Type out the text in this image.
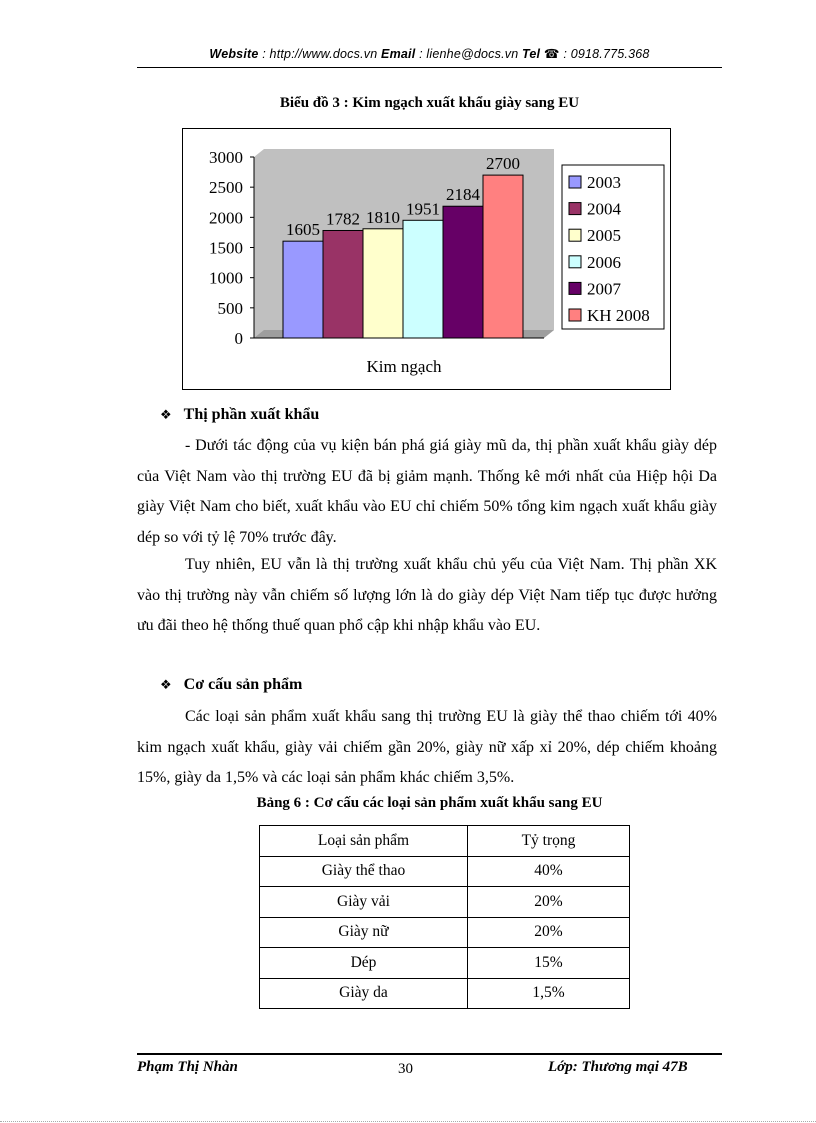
Website : http://www.docs.vn Email : lienhe@docs.vn Tel ☎ : 0918.775.368
Biểu đồ 3 : Kim ngạch xuất khẩu giày sang EU
0
500
1000
1500
2000
2500
3000
1605
1782 1810 1951
2184
2700
Kim ngạch
2003
2004
2005
2006
2007
KH 2008
❖ Thị phần xuất khẩu

- Dưới tác động của vụ kiện bán phá giá giày mũ da, thị phần xuất khẩu giày dép của Việt Nam vào thị trường EU đã bị giảm mạnh. Thống kê mới nhất của Hiệp hội Da giày Việt Nam cho biết, xuất khẩu vào EU chỉ chiếm 50% tổng kim ngạch xuất khẩu giày dép so với tỷ lệ 70% trước đây.

Tuy nhiên, EU vẫn là thị trường xuất khẩu chủ yếu của Việt Nam. Thị phần XK vào thị trường này vẫn chiếm số lượng lớn là do giày dép Việt Nam tiếp tục được hưởng ưu đãi theo hệ thống thuế quan phổ cập khi nhập khẩu vào EU.

❖ Cơ cấu sản phẩm

Các loại sản phẩm xuất khẩu sang thị trường EU là giày thể thao chiếm tới 40% kim ngạch xuất khẩu, giày vải chiếm gần 20%, giày nữ xấp xỉ 20%, dép chiếm khoảng 15%, giày da 1,5% và các loại sản phẩm khác chiếm 3,5%.

Bảng 6 : Cơ cấu các loại sản phẩm xuất khẩu sang EU
Loại sản phẩm	Tỷ trọng
Giày thể thao	40%
Giày vải	20%
Giày nữ	20%
Dép	15%
Giày da	1,5%
Phạm Thị Nhàn	30	Lớp: Thương mại 47B
